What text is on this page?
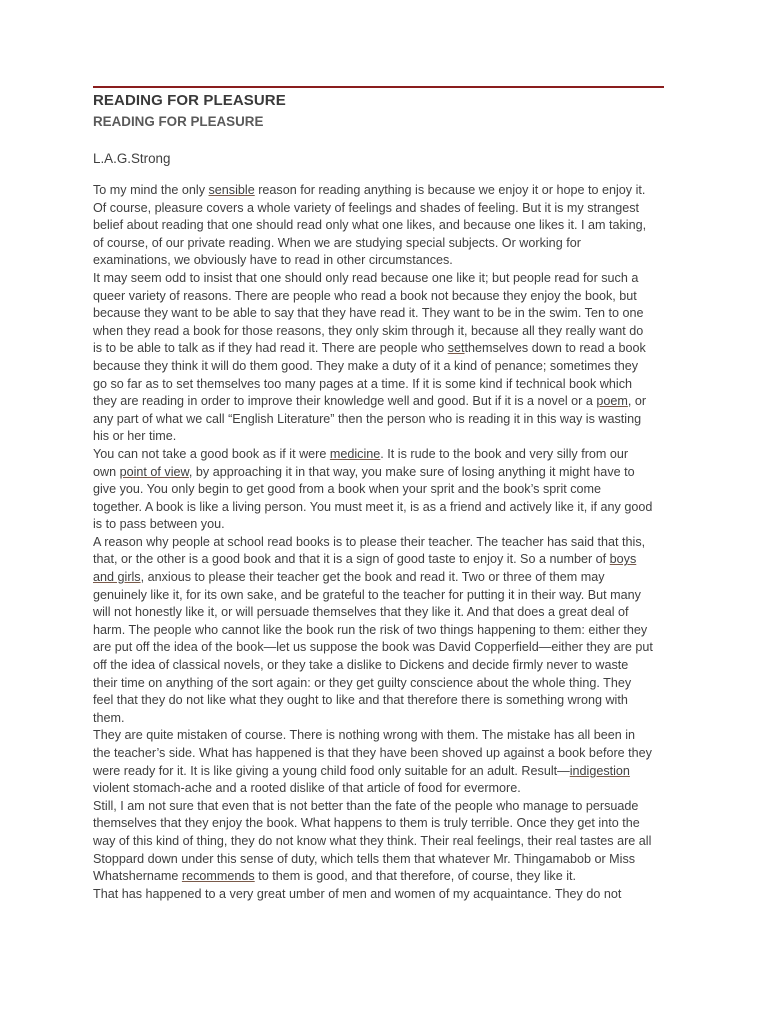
READING FOR PLEASURE
READING FOR PLEASURE

L.A.G.Strong

To my mind the only sensible reason for reading anything is because we enjoy it or hope to enjoy it. Of course, pleasure covers a whole variety of feelings and shades of feeling. But it is my strangest belief about reading that one should read only what one likes, and because one likes it. I am taking, of course, of our private reading. When we are studying special subjects. Or working for examinations, we obviously have to read in other circumstances.

It may seem odd to insist that one should only read because one like it; but people read for such a queer variety of reasons. There are people who read a book not because they enjoy the book, but because they want to be able to say that they have read it. They want to be in the swim. Ten to one when they read a book for those reasons, they only skim through it, because all they really want do is to be able to talk as if they had read it. There are people who setthemselves down to read a book because they think it will do them good. They make a duty of it a kind of penance; sometimes they go so far as to set themselves too many pages at a time. If it is some kind if technical book which they are reading in order to improve their knowledge well and good. But if it is a novel or a poem, or any part of what we call “English Literature” then the person who is reading it in this way is wasting his or her time.

You can not take a good book as if it were medicine. It is rude to the book and very silly from our own point of view, by approaching it in that way, you make sure of losing anything it might have to give you. You only begin to get good from a book when your sprit and the book’s sprit come together. A book is like a living person. You must meet it, is as a friend and actively like it, if any good is to pass between you.

A reason why people at school read books is to please their teacher. The teacher has said that this, that, or the other is a good book and that it is a sign of good taste to enjoy it. So a number of boys and girls, anxious to please their teacher get the book and read it. Two or three of them may genuinely like it, for its own sake, and be grateful to the teacher for putting it in their way. But many will not honestly like it, or will persuade themselves that they like it. And that does a great deal of harm. The people who cannot like the book run the risk of two things happening to them: either they are put off the idea of the book—let us suppose the book was David Copperfield—either they are put off the idea of classical novels, or they take a dislike to Dickens and decide firmly never to waste their time on anything of the sort again: or they get guilty conscience about the whole thing. They feel that they do not like what they ought to like and that therefore there is something wrong with them.

They are quite mistaken of course. There is nothing wrong with them. The mistake has all been in the teacher’s side. What has happened is that they have been shoved up against a book before they were ready for it. It is like giving a young child food only suitable for an adult. Result—indigestion violent stomach-ache and a rooted dislike of that article of food for evermore.

Still, I am not sure that even that is not better than the fate of the people who manage to persuade themselves that they enjoy the book. What happens to them is truly terrible. Once they get into the way of this kind of thing, they do not know what they think. Their real feelings, their real tastes are all Stoppard down under this sense of duty, which tells them that whatever Mr. Thingamabob or Miss Whatshername recommends to them is good, and that therefore, of course, they like it.

That has happened to a very great umber of men and women of my acquaintance. They do not
